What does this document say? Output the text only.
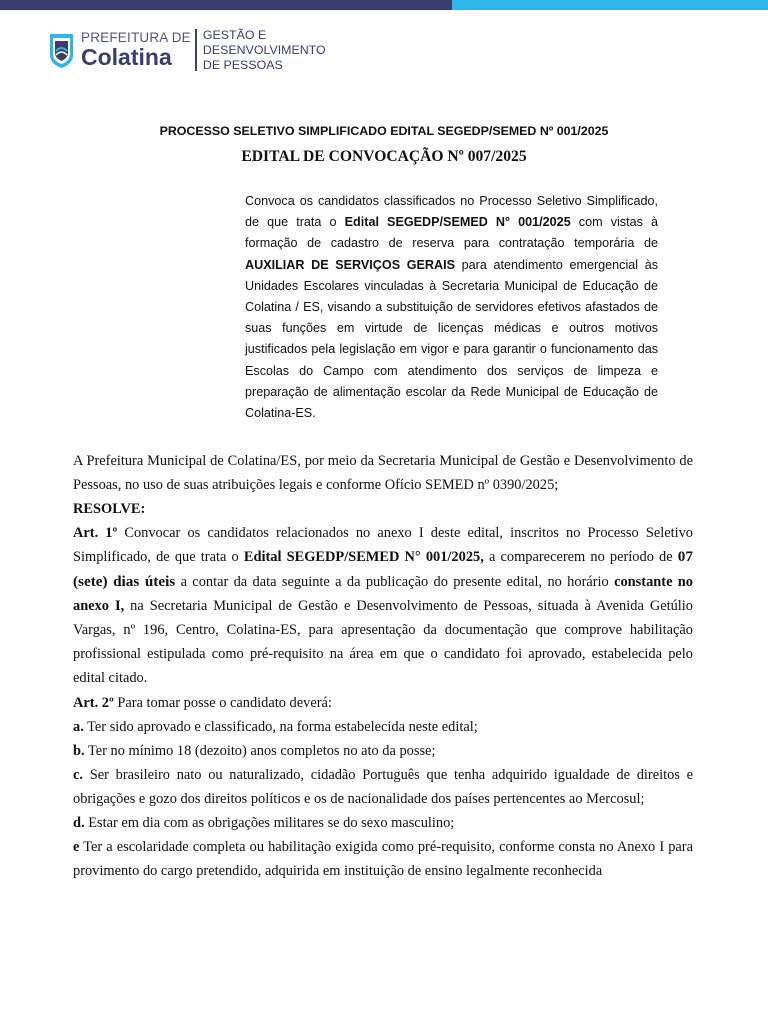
PREFEITURA DE
Colatina
GESTÃO E
DESENVOLVIMENTO
DE PESSOAS
PROCESSO SELETIVO SIMPLIFICADO EDITAL SEGEDP/SEMED Nº 001/2025
EDITAL DE CONVOCAÇÃO Nº 007/2025
Convoca os candidatos classificados no Processo Seletivo Simplificado, de que trata o Edital SEGEDP/SEMED N° 001/2025 com vistas à formação de cadastro de reserva para contratação temporária de AUXILIAR DE SERVIÇOS GERAIS para atendimento emergencial às Unidades Escolares vinculadas à Secretaria Municipal de Educação de Colatina / ES, visando a substituição de servidores efetivos afastados de suas funções em virtude de licenças médicas e outros motivos justificados pela legislação em vigor e para garantir o funcionamento das Escolas do Campo com atendimento dos serviços de limpeza e preparação de alimentação escolar da Rede Municipal de Educação de Colatina-ES.

A Prefeitura Municipal de Colatina/ES, por meio da Secretaria Municipal de Gestão e Desenvolvimento de Pessoas, no uso de suas atribuições legais e conforme Ofício SEMED nº 0390/2025;

RESOLVE:

Art. 1º Convocar os candidatos relacionados no anexo I deste edital, inscritos no Processo Seletivo Simplificado, de que trata o Edital SEGEDP/SEMED N° 001/2025, a comparecerem no período de 07 (sete) dias úteis a contar da data seguinte a da publicação do presente edital, no horário constante no anexo I, na Secretaria Municipal de Gestão e Desenvolvimento de Pessoas, situada à Avenida Getúlio Vargas, nº 196, Centro, Colatina-ES, para apresentação da documentação que comprove habilitação profissional estipulada como pré-requisito na área em que o candidato foi aprovado, estabelecida pelo edital citado.

Art. 2º Para tomar posse o candidato deverá:

a. Ter sido aprovado e classificado, na forma estabelecida neste edital;

b. Ter no mínimo 18 (dezoito) anos completos no ato da posse;

c. Ser brasileiro nato ou naturalizado, cidadão Português que tenha adquirido igualdade de direitos e obrigações e gozo dos direitos políticos e os de nacionalidade dos países pertencentes ao Mercosul;

d. Estar em dia com as obrigações militares se do sexo masculino;

e Ter a escolaridade completa ou habilitação exigida como pré-requisito, conforme consta no Anexo I para provimento do cargo pretendido, adquirida em instituição de ensino legalmente reconhecida
